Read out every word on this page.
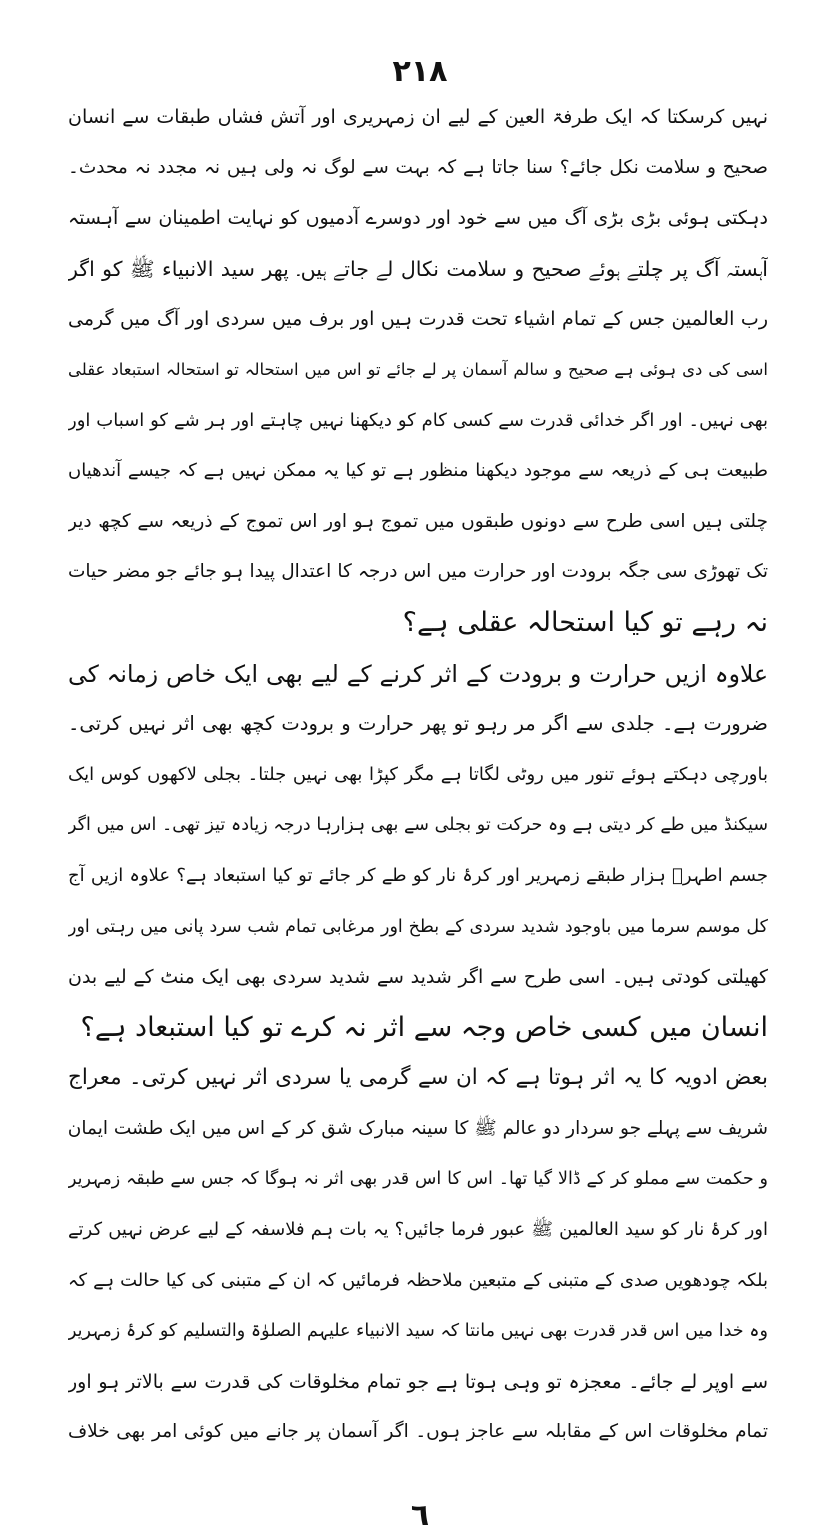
۲۱۸
نہیں کرسکتا کہ ایک طرفۃ العین کے لیے ان زمہریری اور آتش فشاں طبقات سے انسان
صحیح و سلامت نکل جائے؟ سنا جاتا ہے کہ بہت سے لوگ نہ ولی ہیں نہ مجدد نہ محدث۔
دہکتی ہوئی بڑی بڑی آگ میں سے خود اور دوسرے آدمیوں کو نہایت اطمینان سے آہستہ
آہستہ آگ پر چلتے ہوئے صحیح و سلامت نکال لے جاتے ہیں۔ پھر سید الانبیاء ﷺ کو اگر
رب العالمین جس کے تمام اشیاء تحت قدرت ہیں اور برف میں سردی اور آگ میں گرمی
اسی کی دی ہوئی ہے صحیح و سالم آسمان پر لے جائے تو اس میں استحالہ تو استحالہ استبعاد عقلی
بھی نہیں۔ اور اگر خدائی قدرت سے کسی کام کو دیکھنا نہیں چاہتے اور ہر شے کو اسباب اور
طبیعت ہی کے ذریعہ سے موجود دیکھنا منظور ہے تو کیا یہ ممکن نہیں ہے کہ جیسے آندھیاں
چلتی ہیں اسی طرح سے دونوں طبقوں میں تموج ہو اور اس تموج کے ذریعہ سے کچھ دیر
تک تھوڑی سی جگہ برودت اور حرارت میں اس درجہ کا اعتدال پیدا ہو جائے جو مضر حیات
نہ رہے تو کیا استحالہ عقلی ہے؟
علاوہ ازیں حرارت و برودت کے اثر کرنے کے لیے بھی ایک خاص زمانہ کی
ضرورت ہے۔ جلدی سے اگر مر رہو تو پھر حرارت و برودت کچھ بھی اثر نہیں کرتی۔
باورچی دہکتے ہوئے تنور میں روٹی لگاتا ہے مگر کپڑا بھی نہیں جلتا۔ بجلی لاکھوں کوس ایک
سیکنڈ میں طے کر دیتی ہے وہ حرکت تو بجلی سے بھی ہزارہا درجہ زیادہ تیز تھی۔ اس میں اگر
جسم اطہرؐ ہزار طبقے زمہریر اور کرۂ نار کو طے کر جائے تو کیا استبعاد ہے؟ علاوہ ازیں آج
کل موسم سرما میں باوجود شدید سردی کے بطخ اور مرغابی تمام شب سرد پانی میں رہتی اور
کھیلتی کودتی ہیں۔ اسی طرح سے اگر شدید سے شدید سردی بھی ایک منٹ کے لیے بدن
انسان میں کسی خاص وجہ سے اثر نہ کرے تو کیا استبعاد ہے؟
بعض ادویہ کا یہ اثر ہوتا ہے کہ ان سے گرمی یا سردی اثر نہیں کرتی۔ معراج
شریف سے پہلے جو سردار دو عالم ﷺ کا سینہ مبارک شق کر کے اس میں ایک طشت ایمان
و حکمت سے مملو کر کے ڈالا گیا تھا۔ اس کا اس قدر بھی اثر نہ ہوگا کہ جس سے طبقہ زمہریر
اور کرۂ نار کو سید العالمین ﷺ عبور فرما جائیں؟ یہ بات ہم فلاسفہ کے لیے عرض نہیں کرتے
بلکہ چودھویں صدی کے متبنی کے متبعین ملاحظہ فرمائیں کہ ان کے متبنی کی کیا حالت ہے کہ
وہ خدا میں اس قدر قدرت بھی نہیں مانتا کہ سید الانبیاء علیہم الصلوٰۃ والتسلیم کو کرۂ زمہریر
سے اوپر لے جائے۔ معجزہ تو وہی ہوتا ہے جو تمام مخلوقات کی قدرت سے بالاتر ہو اور
تمام مخلوقات اس کے مقابلہ سے عاجز ہوں۔ اگر آسمان پر جانے میں کوئی امر بھی خلاف
٦
